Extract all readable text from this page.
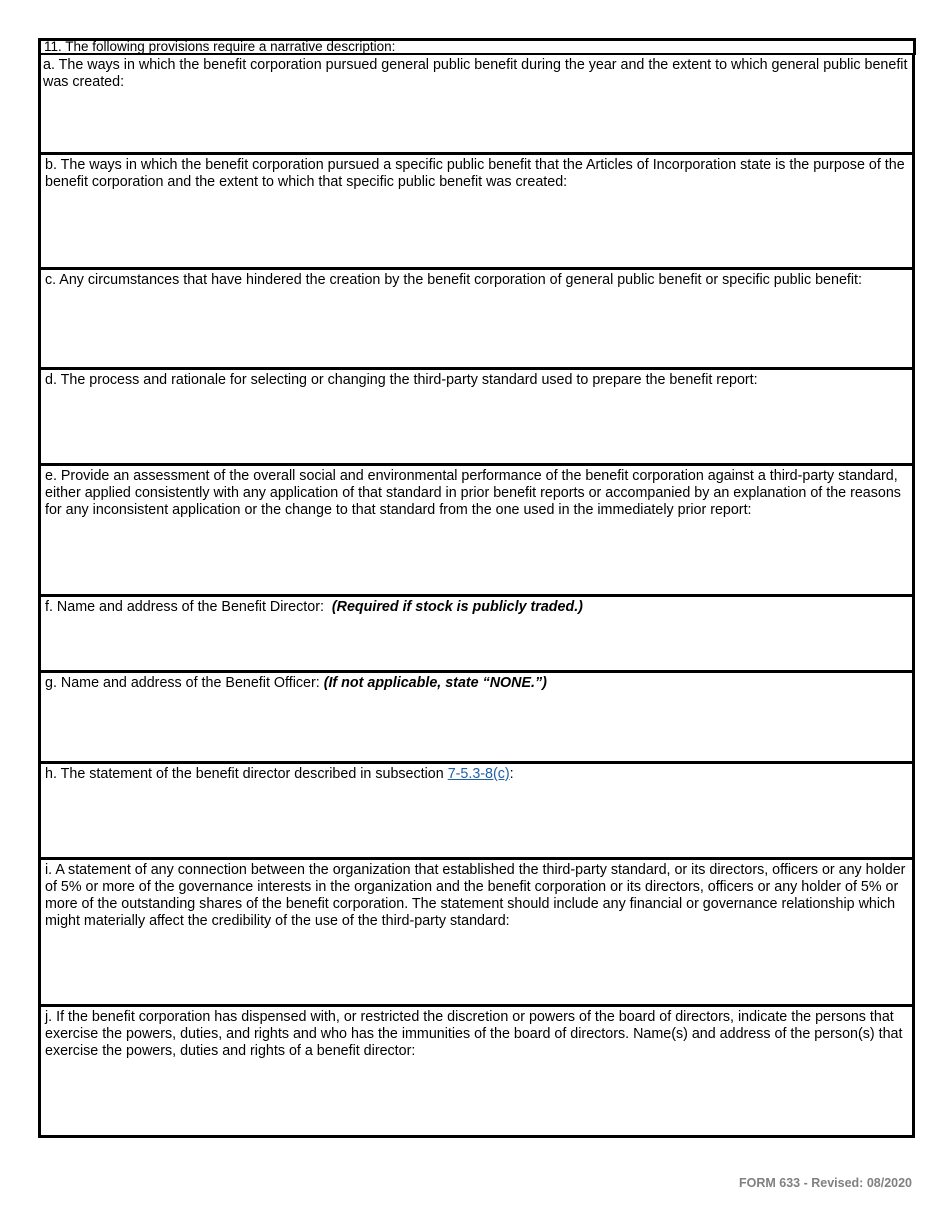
11. The following provisions require a narrative description:
a. The ways in which the benefit corporation pursued general public benefit during the year and the extent to which general public benefit was created:
b. The ways in which the benefit corporation pursued a specific public benefit that the Articles of Incorporation state is the purpose of the benefit corporation and the extent to which that specific public benefit was created:
c. Any circumstances that have hindered the creation by the benefit corporation of general public benefit or specific public benefit:
d. The process and rationale for selecting or changing the third-party standard used to prepare the benefit report:
e. Provide an assessment of the overall social and environmental performance of the benefit corporation against a third-party standard, either applied consistently with any application of that standard in prior benefit reports or accompanied by an explanation of the reasons for any inconsistent application or the change to that standard from the one used in the immediately prior report:
f. Name and address of the Benefit Director: (Required if stock is publicly traded.)
g. Name and address of the Benefit Officer: (If not applicable, state “NONE.”)
h. The statement of the benefit director described in subsection 7-5.3-8(c):
i. A statement of any connection between the organization that established the third-party standard, or its directors, officers or any holder of 5% or more of the governance interests in the organization and the benefit corporation or its directors, officers or any holder of 5% or more of the outstanding shares of the benefit corporation. The statement should include any financial or governance relationship which might materially affect the credibility of the use of the third-party standard:
j. If the benefit corporation has dispensed with, or restricted the discretion or powers of the board of directors, indicate the persons that exercise the powers, duties, and rights and who has the immunities of the board of directors. Name(s) and address of the person(s) that exercise the powers, duties and rights of a benefit director:
FORM 633 - Revised: 08/2020
